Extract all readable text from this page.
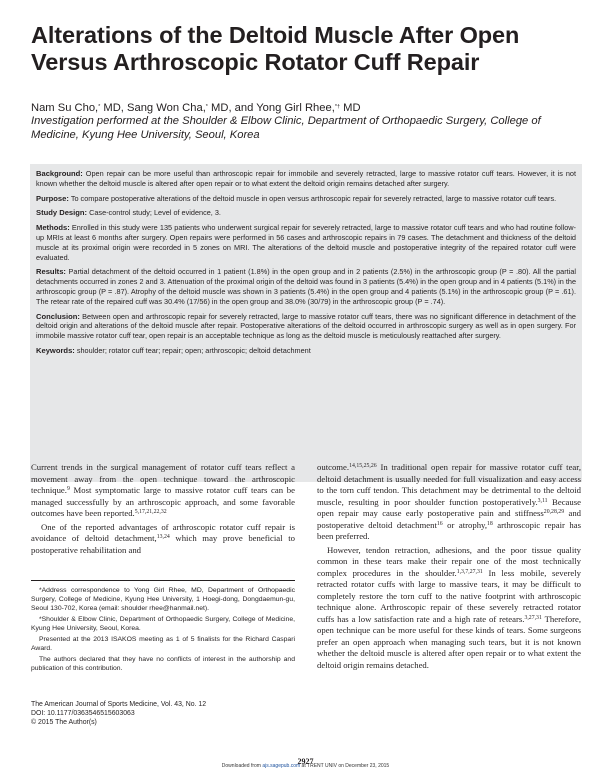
Alterations of the Deltoid Muscle After Open Versus Arthroscopic Rotator Cuff Repair
Nam Su Cho,* MD, Sang Won Cha,* MD, and Yong Girl Rhee,*† MD
Investigation performed at the Shoulder & Elbow Clinic, Department of Orthopaedic Surgery, College of Medicine, Kyung Hee University, Seoul, Korea

Background: Open repair can be more useful than arthroscopic repair for immobile and severely retracted, large to massive rotator cuff tears. However, it is not known whether the deltoid muscle is altered after open repair or to what extent the deltoid origin remains detached after surgery.

Purpose: To compare postoperative alterations of the deltoid muscle in open versus arthroscopic repair for severely retracted, large to massive rotator cuff tears.

Study Design: Case-control study; Level of evidence, 3.

Methods: Enrolled in this study were 135 patients who underwent surgical repair for severely retracted, large to massive rotator cuff tears and who had routine follow-up MRIs at least 6 months after surgery. Open repairs were performed in 56 cases and arthroscopic repairs in 79 cases. The detachment and thickness of the deltoid muscle at its proximal origin were recorded in 5 zones on MRI. The alterations of the deltoid muscle and postoperative integrity of the repaired rotator cuff were evaluated.

Results: Partial detachment of the deltoid occurred in 1 patient (1.8%) in the open group and in 2 patients (2.5%) in the arthroscopic group (P = .80). All the partial detachments occurred in zones 2 and 3. Attenuation of the proximal origin of the deltoid was found in 3 patients (5.4%) in the open group and in 4 patients (5.1%) in the arthroscopic group (P = .87). Atrophy of the deltoid muscle was shown in 3 patients (5.4%) in the open group and 4 patients (5.1%) in the arthroscopic group (P = .61). The retear rate of the repaired cuff was 30.4% (17/56) in the open group and 38.0% (30/79) in the arthroscopic group (P = .74).

Conclusion: Between open and arthroscopic repair for severely retracted, large to massive rotator cuff tears, there was no significant difference in detachment of the deltoid origin and alterations of the deltoid muscle after repair. Postoperative alterations of the deltoid occurred in arthroscopic surgery as well as in open surgery. For immobile massive rotator cuff tear, open repair is an acceptable technique as long as the deltoid muscle is meticulously reattached after surgery.

Keywords: shoulder; rotator cuff tear; repair; open; arthroscopic; deltoid detachment

Current trends in the surgical management of rotator cuff tears reflect a movement away from the open technique toward the arthroscopic technique.$^9$ Most symptomatic large to massive rotator cuff tears can be managed successfully by an arthroscopic approach, and some favorable outcomes have been reported.$^{5,17,21,22,32}$

One of the reported advantages of arthroscopic rotator cuff repair is avoidance of deltoid detachment,$^{13,24}$ which may prove beneficial to postoperative rehabilitation and

*Address correspondence to Yong Girl Rhee, MD, Department of Orthopaedic Surgery, College of Medicine, Kyung Hee University, 1 Hoegi-dong, Dongdaemun-gu, Seoul 130-702, Korea (email: shoulder rhee@hanmail.net).

*Shoulder & Elbow Clinic, Department of Orthopaedic Surgery, College of Medicine, Kyung Hee University, Seoul, Korea.

Presented at the 2013 ISAKOS meeting as 1 of 5 finalists for the Richard Caspari Award.

The authors declared that they have no conflicts of interest in the authorship and publication of this contribution.

The American Journal of Sports Medicine, Vol. 43, No. 12
DOI: 10.1177/0363546515603063
© 2015 The Author(s)

outcome.$^{14,15,25,26}$ In traditional open repair for massive rotator cuff tear, deltoid detachment is usually needed for full visualization and easy access to the torn cuff tendon. This detachment may be detrimental to the deltoid muscle, resulting in poor shoulder function postoperatively.$^{3,11}$ Because open repair may cause early postoperative pain and stiffness$^{20,28,29}$ and postoperative deltoid detachment$^{16}$ or atrophy,$^{18}$ arthroscopic repair has been preferred.

However, tendon retraction, adhesions, and the poor tissue quality common in these tears make their repair one of the most technically complex procedures in the shoulder.$^{1,3,7,27,31}$ In less mobile, severely retracted rotator cuffs with large to massive tears, it may be difficult to completely restore the torn cuff to the native footprint with arthroscopic technique alone. Arthroscopic repair of these severely retracted rotator cuffs has a low satisfaction rate and a high rate of retears.$^{3,27,31}$ Therefore, open technique can be more useful for these kinds of tears. Some surgeons prefer an open approach when managing such tears, but it is not known whether the deltoid muscle is altered after open repair or to what extent the deltoid origin remains detached.

2927
Downloaded from ajs.sagepub.com at TRENT UNIV on December 23, 2015
